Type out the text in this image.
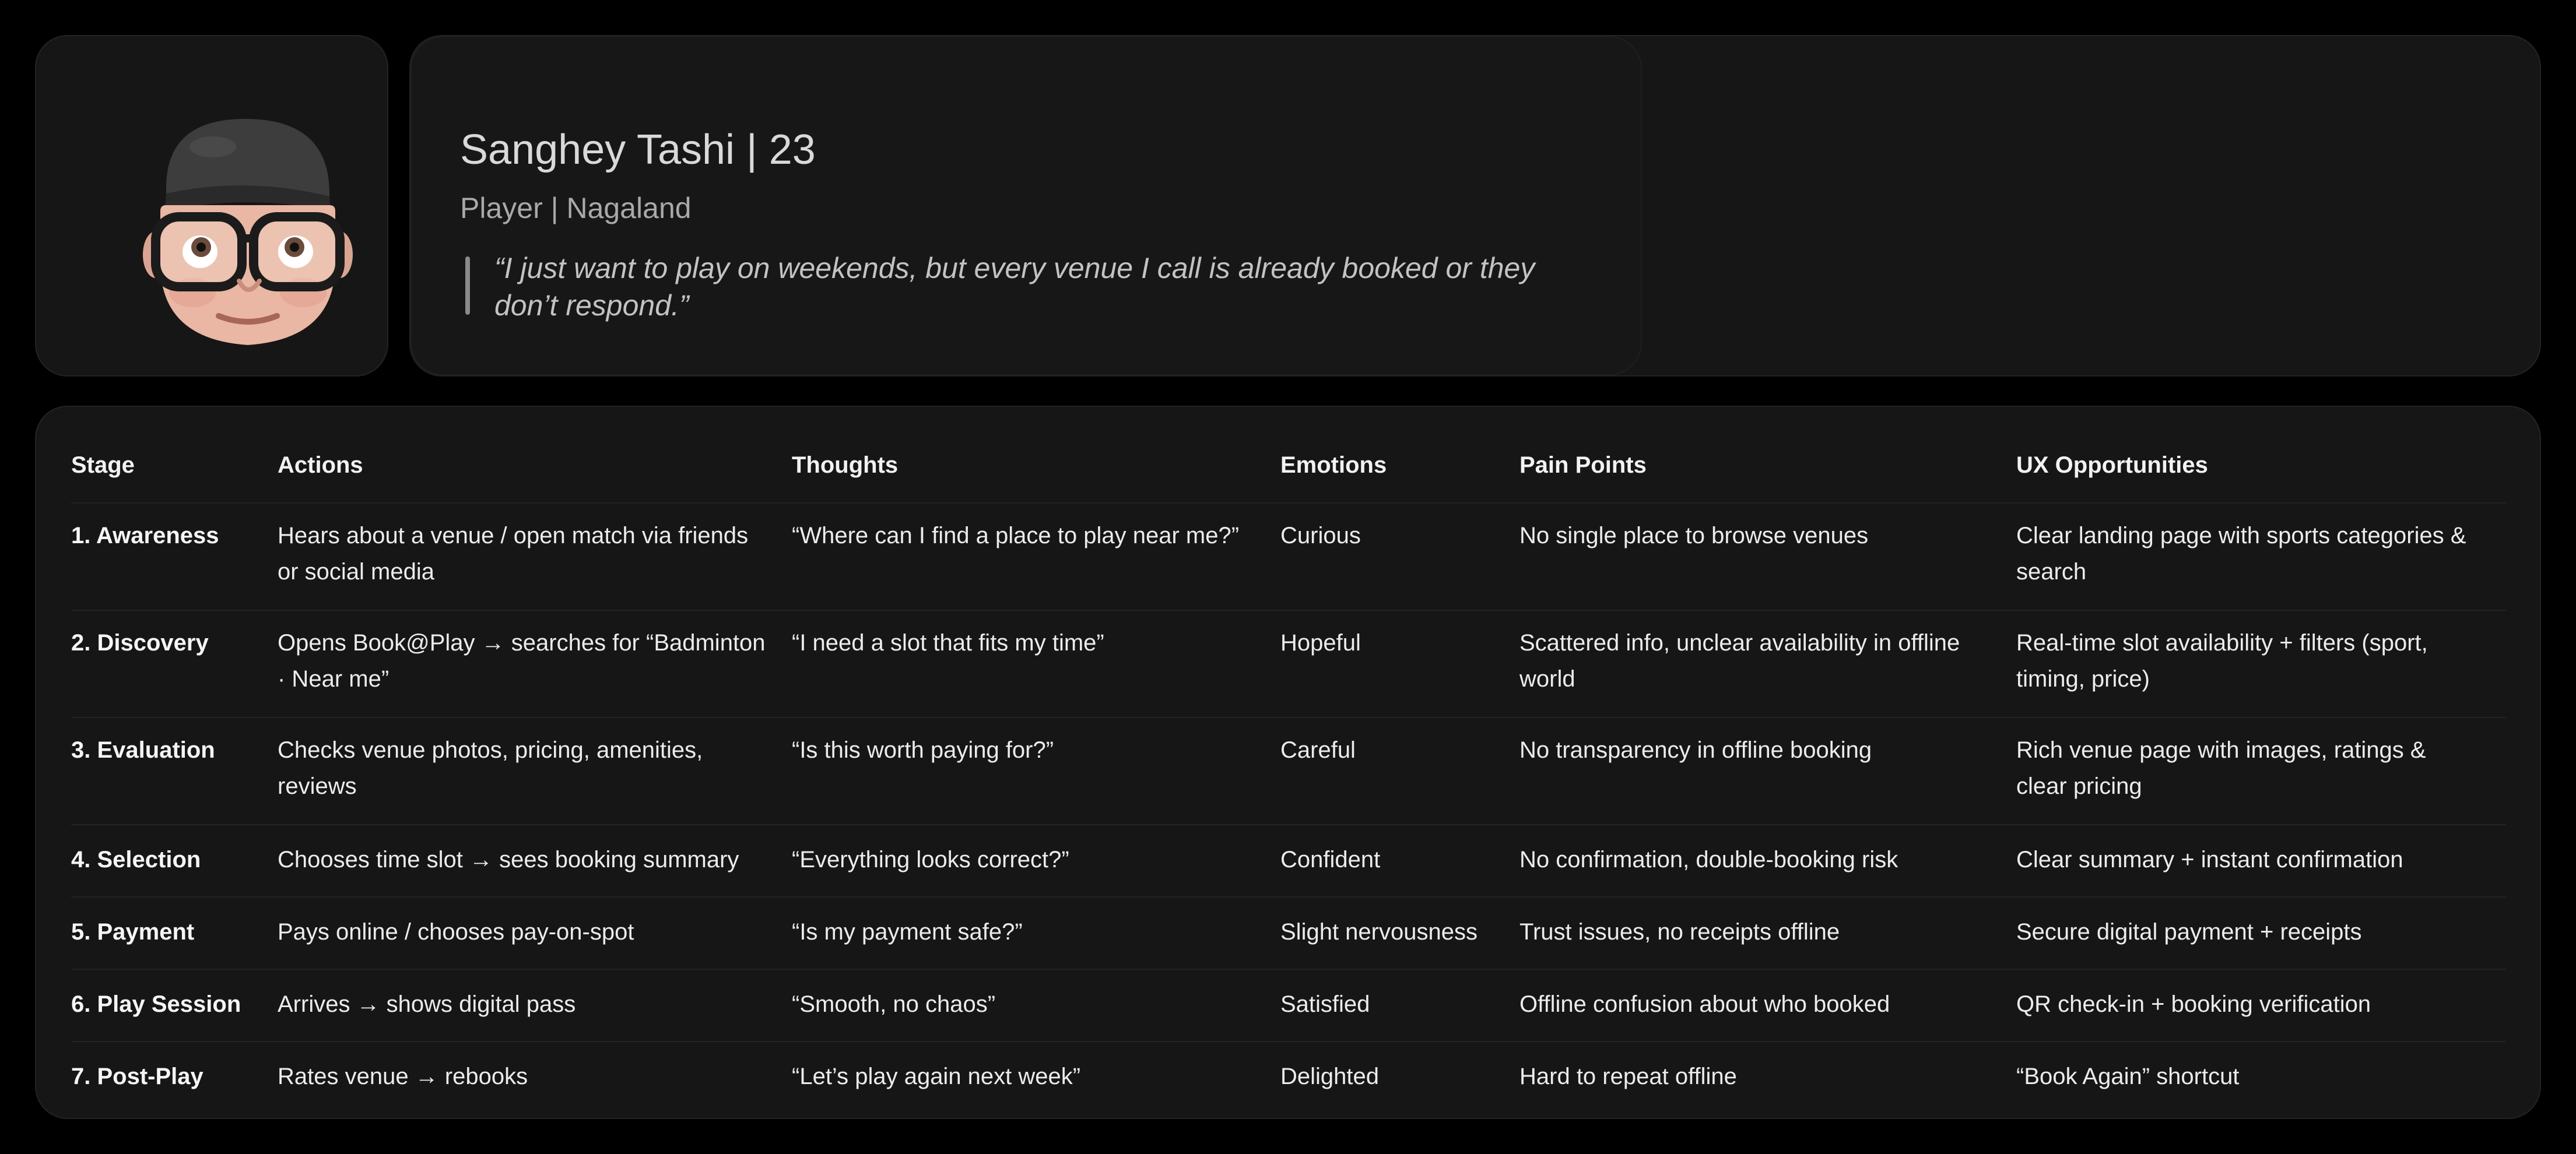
Sanghey Tashi | 23
Player | Nagaland
“I just want to play on weekends, but every venue I call is already booked or they don’t respond.”
Stage	Actions	Thoughts	Emotions	Pain Points	UX Opportunities
1. Awareness	Hears about a venue / open match via friends or social media	“Where can I find a place to play near me?”	Curious	No single place to browse venues	Clear landing page with sports categories & search
2. Discovery	Opens Book@Play → searches for “Badminton · Near me”	“I need a slot that fits my time”	Hopeful	Scattered info, unclear availability in offline world	Real-time slot availability + filters (sport, timing, price)
3. Evaluation	Checks venue photos, pricing, amenities, reviews	“Is this worth paying for?”	Careful	No transparency in offline booking	Rich venue page with images, ratings & clear pricing
4. Selection	Chooses time slot → sees booking summary	“Everything looks correct?”	Confident	No confirmation, double-booking risk	Clear summary + instant confirmation
5. Payment	Pays online / chooses pay-on-spot	“Is my payment safe?”	Slight nervousness	Trust issues, no receipts offline	Secure digital payment + receipts
6. Play Session	Arrives → shows digital pass	“Smooth, no chaos”	Satisfied	Offline confusion about who booked	QR check-in + booking verification
7. Post-Play	Rates venue → rebooks	“Let’s play again next week”	Delighted	Hard to repeat offline	“Book Again” shortcut
